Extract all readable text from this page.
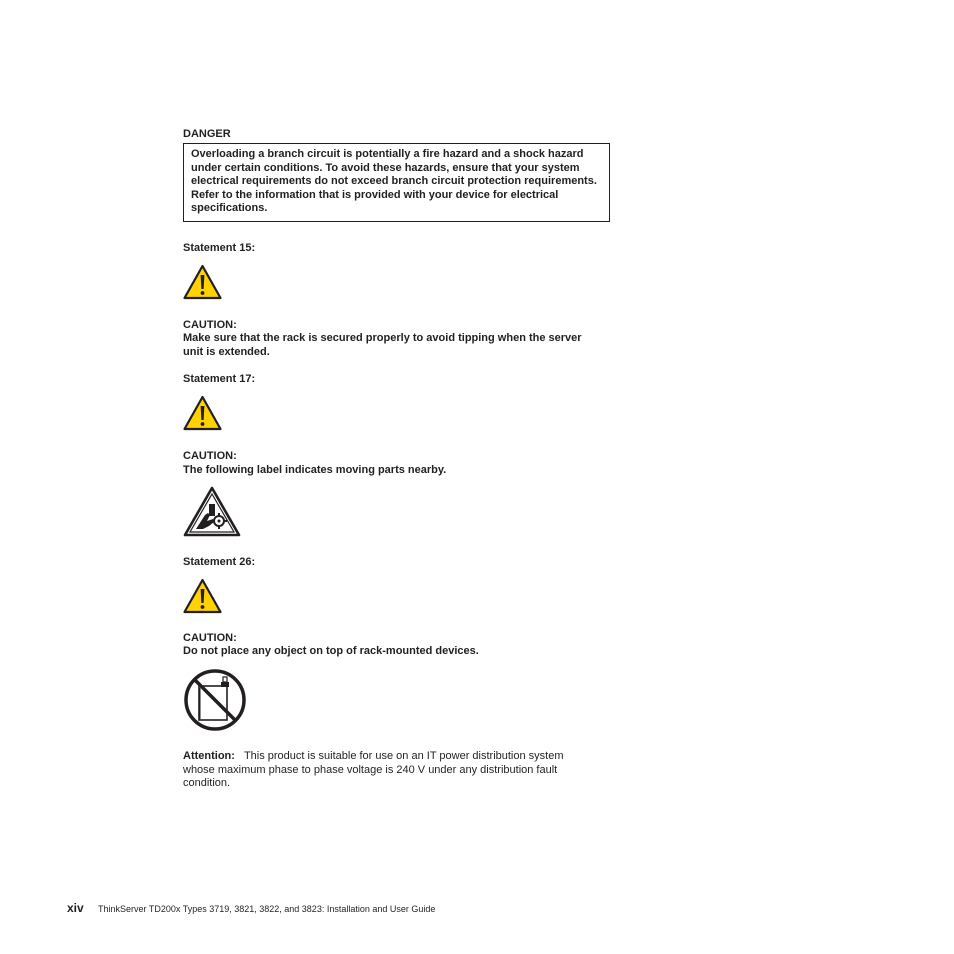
DANGER

Overloading a branch circuit is potentially a fire hazard and a shock hazard under certain conditions. To avoid these hazards, ensure that your system electrical requirements do not exceed branch circuit protection requirements. Refer to the information that is provided with your device for electrical specifications.

Statement 15:
CAUTION:
Make sure that the rack is secured properly to avoid tipping when the server
unit is extended.
Statement 17:
CAUTION:
The following label indicates moving parts nearby.
Statement 26:
CAUTION:
Do not place any object on top of rack-mounted devices.
Attention: This product is suitable for use on an IT power distribution system
whose maximum phase to phase voltage is 240 V under any distribution fault
condition.
xiv ThinkServer TD200x Types 3719, 3821, 3822, and 3823: Installation and User Guide
